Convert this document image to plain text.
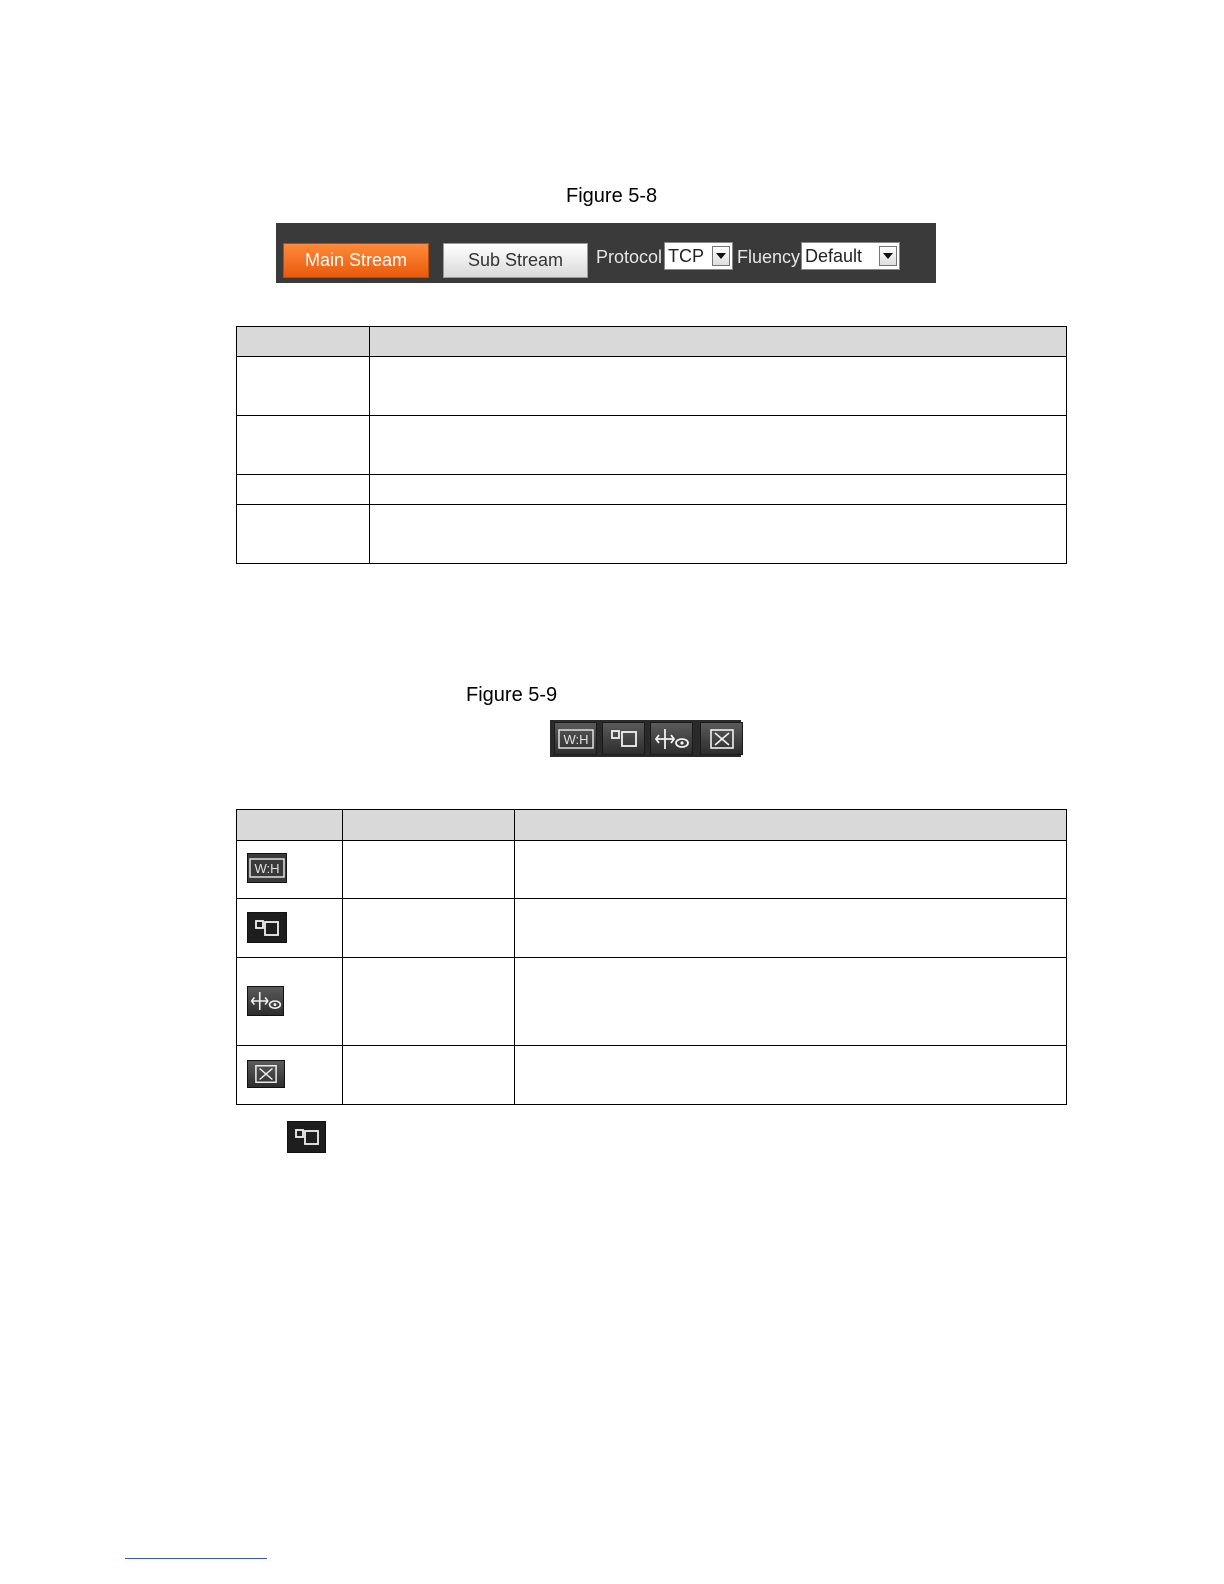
Figure 5-8
Main Stream	Sub Stream	Protocol TCP Fluency Default

Figure 5-9
W:H

W:H
